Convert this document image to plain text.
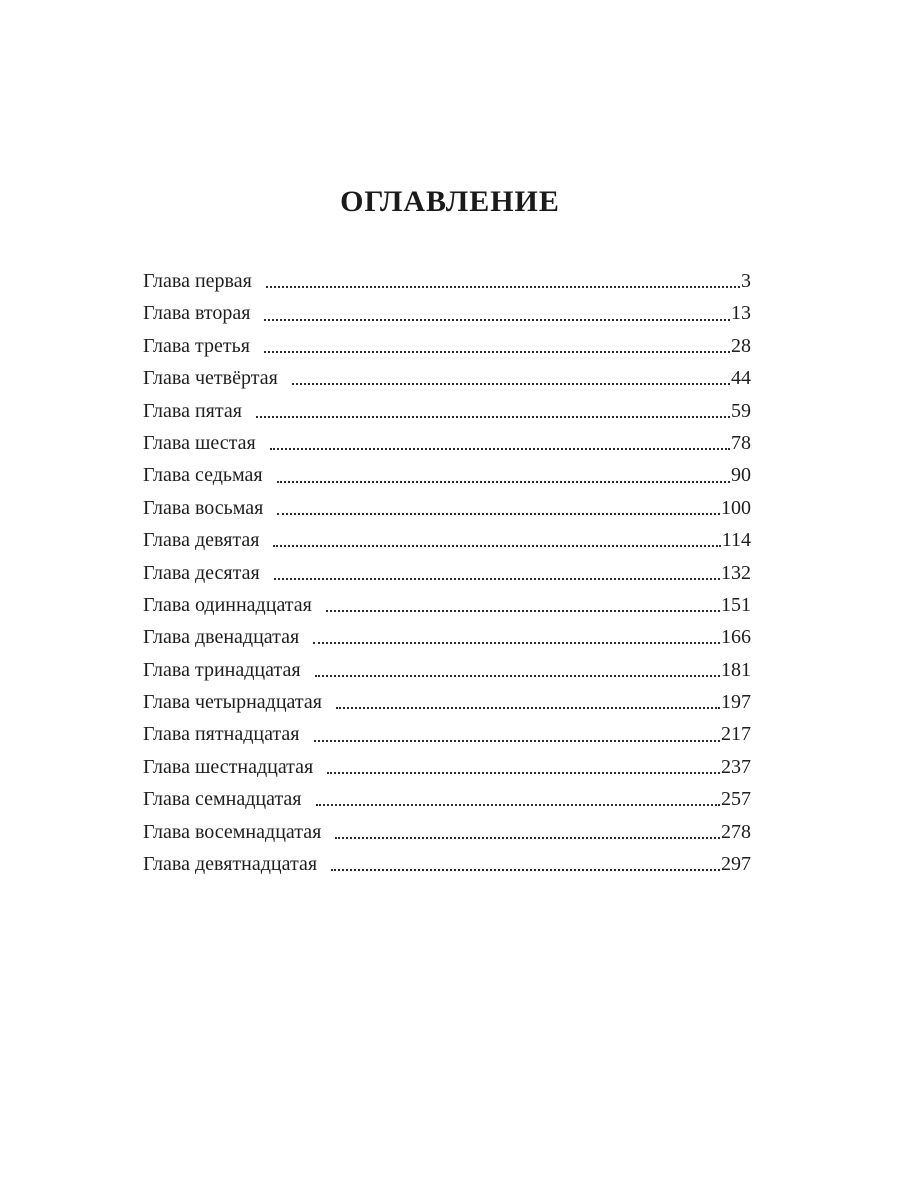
ОГЛАВЛЕНИЕ
Глава первая	3
Глава вторая	13
Глава третья	28
Глава четвёртая	44
Глава пятая	59
Глава шестая	78
Глава седьмая	90
Глава восьмая	100
Глава девятая	114
Глава десятая	132
Глава одиннадцатая	151
Глава двенадцатая	166
Глава тринадцатая	181
Глава четырнадцатая	197
Глава пятнадцатая	217
Глава шестнадцатая	237
Глава семнадцатая	257
Глава восемнадцатая	278
Глава девятнадцатая	297
